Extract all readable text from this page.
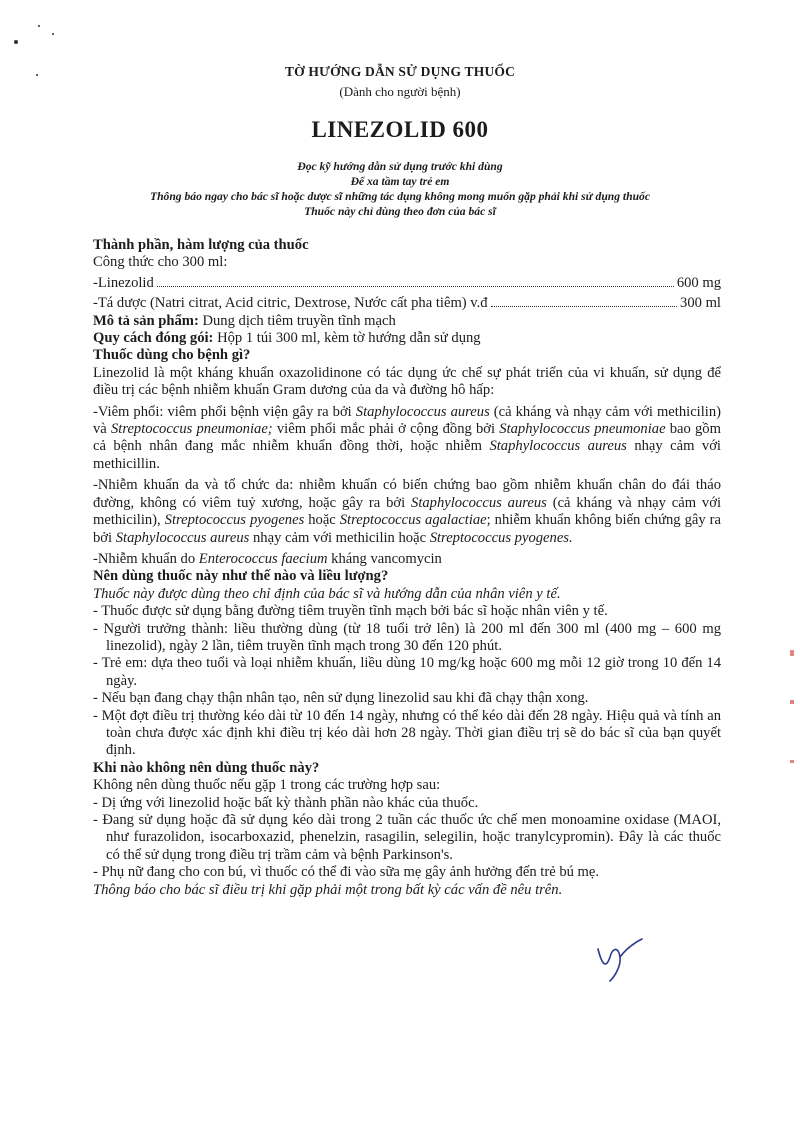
TỜ HƯỚNG DẪN SỬ DỤNG THUỐC
(Dành cho người bệnh)
LINEZOLID 600
Đọc kỹ hướng dẫn sử dụng trước khi dùng
Để xa tầm tay trẻ em
Thông báo ngay cho bác sĩ hoặc dược sĩ những tác dụng không mong muốn gặp phải khi sử dụng thuốc
Thuốc này chỉ dùng theo đơn của bác sĩ

Thành phần, hàm lượng của thuốc

Công thức cho 300 ml:

-Linezolid	600 mg

-Tá dược (Natri citrat, Acid citric, Dextrose, Nước cất pha tiêm) v.đ	300 ml

Mô tả sản phẩm: Dung dịch tiêm truyền tĩnh mạch

Quy cách đóng gói: Hộp 1 túi 300 ml, kèm tờ hướng dẫn sử dụng

Thuốc dùng cho bệnh gì?

Linezolid là một kháng khuẩn oxazolidinone có tác dụng ức chế sự phát triển của vi khuẩn, sử dụng để điều trị các bệnh nhiễm khuẩn Gram dương của da và đường hô hấp:

-Viêm phổi: viêm phổi bệnh viện gây ra bởi Staphylococcus aureus (cả kháng và nhạy cảm với methicilin) và Streptococcus pneumoniae; viêm phổi mắc phải ở cộng đồng bởi Staphylococcus pneumoniae bao gồm cả bệnh nhân đang mắc nhiễm khuẩn đồng thời, hoặc nhiễm Staphylococcus aureus nhạy cảm với methicillin.

-Nhiễm khuẩn da và tổ chức da: nhiễm khuẩn có biến chứng bao gồm nhiễm khuẩn chân do đái tháo đường, không có viêm tuỷ xương, hoặc gây ra bởi Staphylococcus aureus (cả kháng và nhạy cảm với methicilin), Streptococcus pyogenes hoặc Streptococcus agalactiae; nhiễm khuẩn không biến chứng gây ra bởi Staphylococcus aureus nhạy cảm với methicilin hoặc Streptococcus pyogenes.

-Nhiễm khuẩn do Enterococcus faecium kháng vancomycin

Nên dùng thuốc này như thế nào và liều lượng?

Thuốc này được dùng theo chỉ định của bác sĩ và hướng dẫn của nhân viên y tế.

- Thuốc được sử dụng bằng đường tiêm truyền tĩnh mạch bởi bác sĩ hoặc nhân viên y tế.

- Người trưởng thành: liều thường dùng (từ 18 tuổi trở lên) là 200 ml đến 300 ml (400 mg – 600 mg linezolid), ngày 2 lần, tiêm truyền tĩnh mạch trong 30 đến 120 phút.

- Trẻ em: dựa theo tuổi và loại nhiễm khuẩn, liều dùng 10 mg/kg hoặc 600 mg mỗi 12 giờ trong 10 đến 14 ngày.

- Nếu bạn đang chạy thận nhân tạo, nên sử dụng linezolid sau khi đã chạy thận xong.

- Một đợt điều trị thường kéo dài từ 10 đến 14 ngày, nhưng có thể kéo dài đến 28 ngày. Hiệu quả và tính an toàn chưa được xác định khi điều trị kéo dài hơn 28 ngày. Thời gian điều trị sẽ do bác sĩ của bạn quyết định.

Khi nào không nên dùng thuốc này?

Không nên dùng thuốc nếu gặp 1 trong các trường hợp sau:

- Dị ứng với linezolid hoặc bất kỳ thành phần nào khác của thuốc.

- Đang sử dụng hoặc đã sử dụng kéo dài trong 2 tuần các thuốc ức chế men monoamine oxidase (MAOI, như furazolidon, isocarboxazid, phenelzin, rasagilin, selegilin, hoặc tranylcypromin). Đây là các thuốc có thể sử dụng trong điều trị trầm cảm và bệnh Parkinson's.

- Phụ nữ đang cho con bú, vì thuốc có thể đi vào sữa mẹ gây ảnh hưởng đến trẻ bú mẹ.

Thông báo cho bác sĩ điều trị khi gặp phải một trong bất kỳ các vấn đề nêu trên.
